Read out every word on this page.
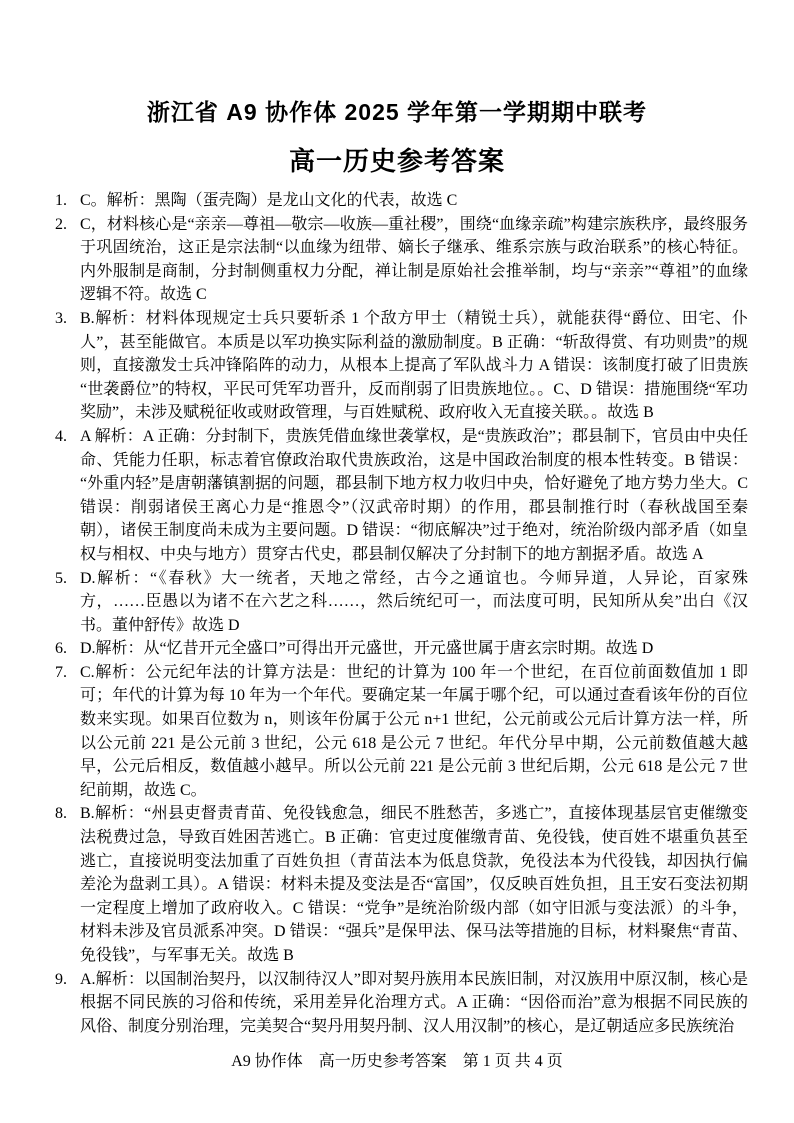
浙江省 A9 协作体 2025 学年第一学期期中联考
高一历史参考答案
1. C。解析：黑陶（蛋壳陶）是龙山文化的代表，故选 C
2. C，材料核心是“亲亲—尊祖—敬宗—收族—重社稷”，围绕“血缘亲疏”构建宗族秩序，最终服务于巩固统治，这正是宗法制“以血缘为纽带、嫡长子继承、维系宗族与政治联系”的核心特征。内外服制是商制，分封制侧重权力分配，禅让制是原始社会推举制，均与“亲亲”“尊祖”的血缘逻辑不符。故选 C
3. B.解析：材料体现规定士兵只要斩杀 1 个敌方甲士（精锐士兵），就能获得“爵位、田宅、仆人”，甚至能做官。本质是以军功换实际利益的激励制度。B 正确：“斩敌得赏、有功则贵”的规则，直接激发士兵冲锋陷阵的动力，从根本上提高了军队战斗力 A 错误：该制度打破了旧贵族“世袭爵位”的特权，平民可凭军功晋升，反而削弱了旧贵族地位。。C、D 错误：措施围绕“军功奖励”，未涉及赋税征收或财政管理，与百姓赋税、政府收入无直接关联。。故选 B
4. A 解析：A 正确：分封制下，贵族凭借血缘世袭掌权，是“贵族政治”；郡县制下，官员由中央任命、凭能力任职，标志着官僚政治取代贵族政治，这是中国政治制度的根本性转变。B 错误：“外重内轻”是唐朝藩镇割据的问题，郡县制下地方权力收归中央，恰好避免了地方势力坐大。C 错误：削弱诸侯王离心力是“推恩令”（汉武帝时期）的作用，郡县制推行时（春秋战国至秦朝），诸侯王制度尚未成为主要问题。D 错误：“彻底解决”过于绝对，统治阶级内部矛盾（如皇权与相权、中央与地方）贯穿古代史，郡县制仅解决了分封制下的地方割据矛盾。故选 A
5. D.解析：“《春秋》大一统者，天地之常经，古今之通谊也。今师异道，人异论，百家殊　方，……臣愚以为诸不在六艺之科……，然后统纪可一，而法度可明，民知所从矣”出白《汉书。董仲舒传》故选 D
6. D.解析：从“忆昔开元全盛口”可得出开元盛世，开元盛世属于唐玄宗时期。故选 D
7. C.解析：公元纪年法的计算方法是：世纪的计算为 100 年一个世纪，在百位前面数值加 1 即可；年代的计算为每 10 年为一个年代。要确定某一年属于哪个纪，可以通过查看该年份的百位数来实现。如果百位数为 n，则该年份属于公元 n+1 世纪，公元前或公元后计算方法一样，所以公元前 221 是公元前 3 世纪，公元 618 是公元 7 世纪。年代分早中期，公元前数值越大越早，公元后相反，数值越小越早。所以公元前 221 是公元前 3 世纪后期，公元 618 是公元 7 世纪前期，故选 C。
8. B.解析：“州县吏督责青苗、免役钱愈急，细民不胜愁苦，多逃亡”，直接体现基层官吏催缴变法税费过急，导致百姓困苦逃亡。B 正确：官吏过度催缴青苗、免役钱，使百姓不堪重负甚至逃亡，直接说明变法加重了百姓负担（青苗法本为低息贷款，免役法本为代役钱，却因执行偏差沦为盘剥工具）。A 错误：材料未提及变法是否“富国”，仅反映百姓负担，且王安石变法初期一定程度上增加了政府收入。C 错误：“党争”是统治阶级内部（如守旧派与变法派）的斗争，材料未涉及官员派系冲突。D 错误：“强兵”是保甲法、保马法等措施的目标，材料聚焦“青苗、免役钱”，与军事无关。故选 B
9. A.解析：以国制治契丹，以汉制待汉人”即对契丹族用本民族旧制，对汉族用中原汉制，核心是根据不同民族的习俗和传统，采用差异化治理方式。A 正确：“因俗而治”意为根据不同民族的风俗、制度分别治理，完美契合“契丹用契丹制、汉人用汉制”的核心，是辽朝适应多民族统治
A9 协作体　高一历史参考答案　第 1 页 共 4 页
